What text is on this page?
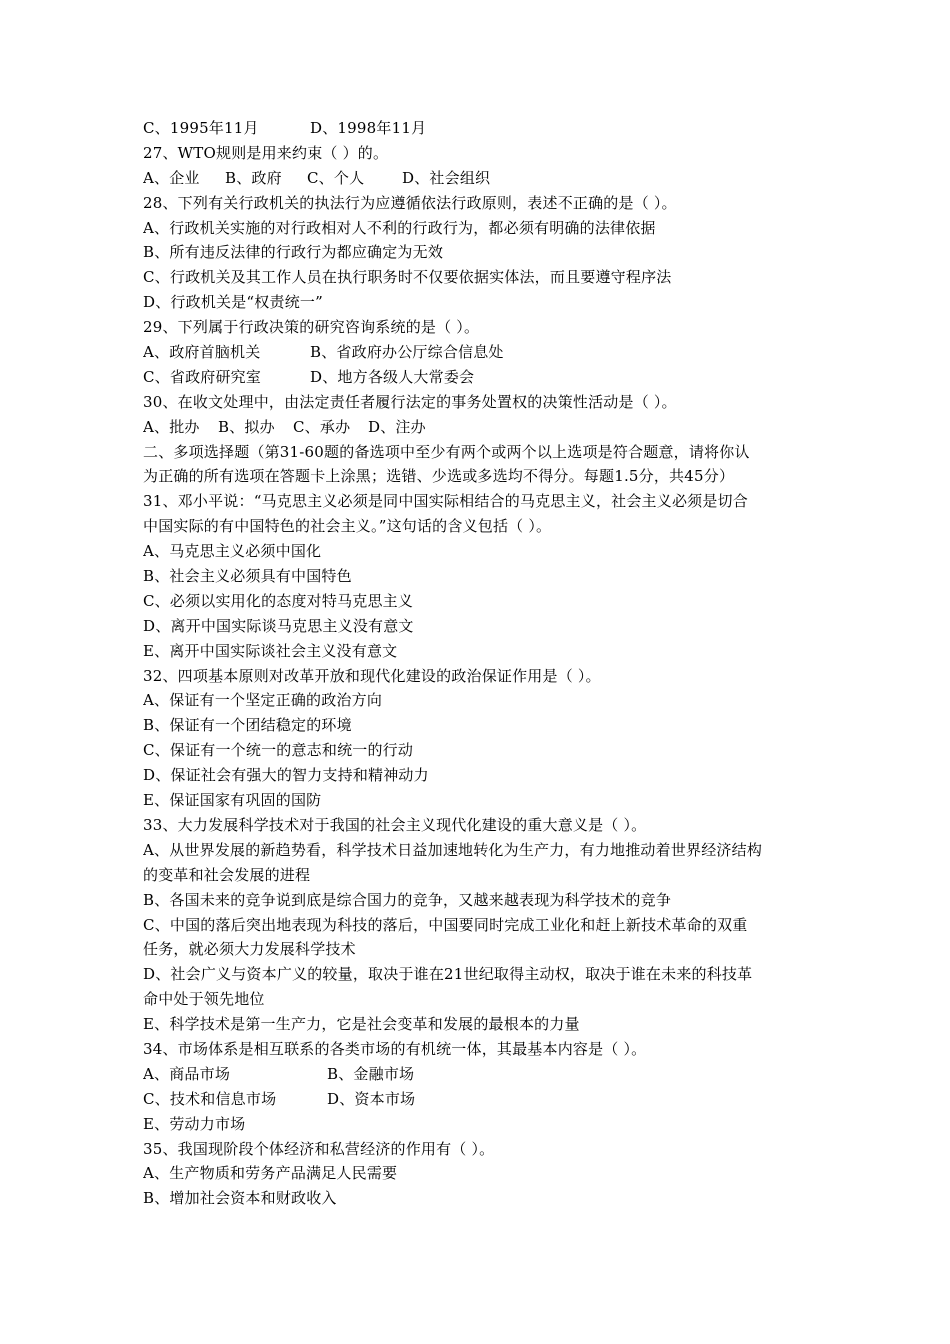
C、1995年11月	D、1998年11月
27、WTO规则是用来约束（ ）的。
A、企业	B、政府	C、个人	D、社会组织
28、下列有关行政机关的执法行为应遵循依法行政原则，表述不正确的是（ ）。
A、行政机关实施的对行政相对人不利的行政行为，都必须有明确的法律依据
B、所有违反法律的行政行为都应确定为无效
C、行政机关及其工作人员在执行职务时不仅要依据实体法，而且要遵守程序法
D、行政机关是“权责统一”
29、下列属于行政决策的研究咨询系统的是（ ）。
A、政府首脑机关	B、省政府办公厅综合信息处
C、省政府研究室	D、地方各级人大常委会
30、在收文处理中，由法定责任者履行法定的事务处置权的决策性活动是（ ）。
A、批办	B、拟办	C、承办	D、注办
二、多项选择题（第31-60题的备选项中至少有两个或两个以上选项是符合题意，请将你认
为正确的所有选项在答题卡上涂黑；选错、少选或多选均不得分。每题1.5分，共45分）
31、邓小平说：“马克思主义必须是同中国实际相结合的马克思主义，社会主义必须是切合
中国实际的有中国特色的社会主义。”这句话的含义包括（ ）。
A、马克思主义必须中国化
B、社会主义必须具有中国特色
C、必须以实用化的态度对特马克思主义
D、离开中国实际谈马克思主义没有意文
E、离开中国实际谈社会主义没有意文
32、四项基本原则对改革开放和现代化建设的政治保证作用是（ ）。
A、保证有一个坚定正确的政治方向
B、保证有一个团结稳定的环境
C、保证有一个统一的意志和统一的行动
D、保证社会有强大的智力支持和精神动力
E、保证国家有巩固的国防
33、大力发展科学技术对于我国的社会主义现代化建设的重大意义是（ ）。
A、从世界发展的新趋势看，科学技术日益加速地转化为生产力，有力地推动着世界经济结构
的变革和社会发展的进程
B、各国未来的竞争说到底是综合国力的竞争，又越来越表现为科学技术的竞争
C、中国的落后突出地表现为科技的落后，中国要同时完成工业化和赶上新技术革命的双重
任务，就必须大力发展科学技术
D、社会广义与资本广义的较量，取决于谁在21世纪取得主动权，取决于谁在未来的科技革
命中处于领先地位
E、科学技术是第一生产力，它是社会变革和发展的最根本的力量
34、市场体系是相互联系的各类市场的有机统一体，其最基本内容是（ ）。
A、商品市场	B、金融市场
C、技术和信息市场	D、资本市场
E、劳动力市场
35、我国现阶段个体经济和私营经济的作用有（ ）。
A、生产物质和劳务产品满足人民需要
B、增加社会资本和财政收入
